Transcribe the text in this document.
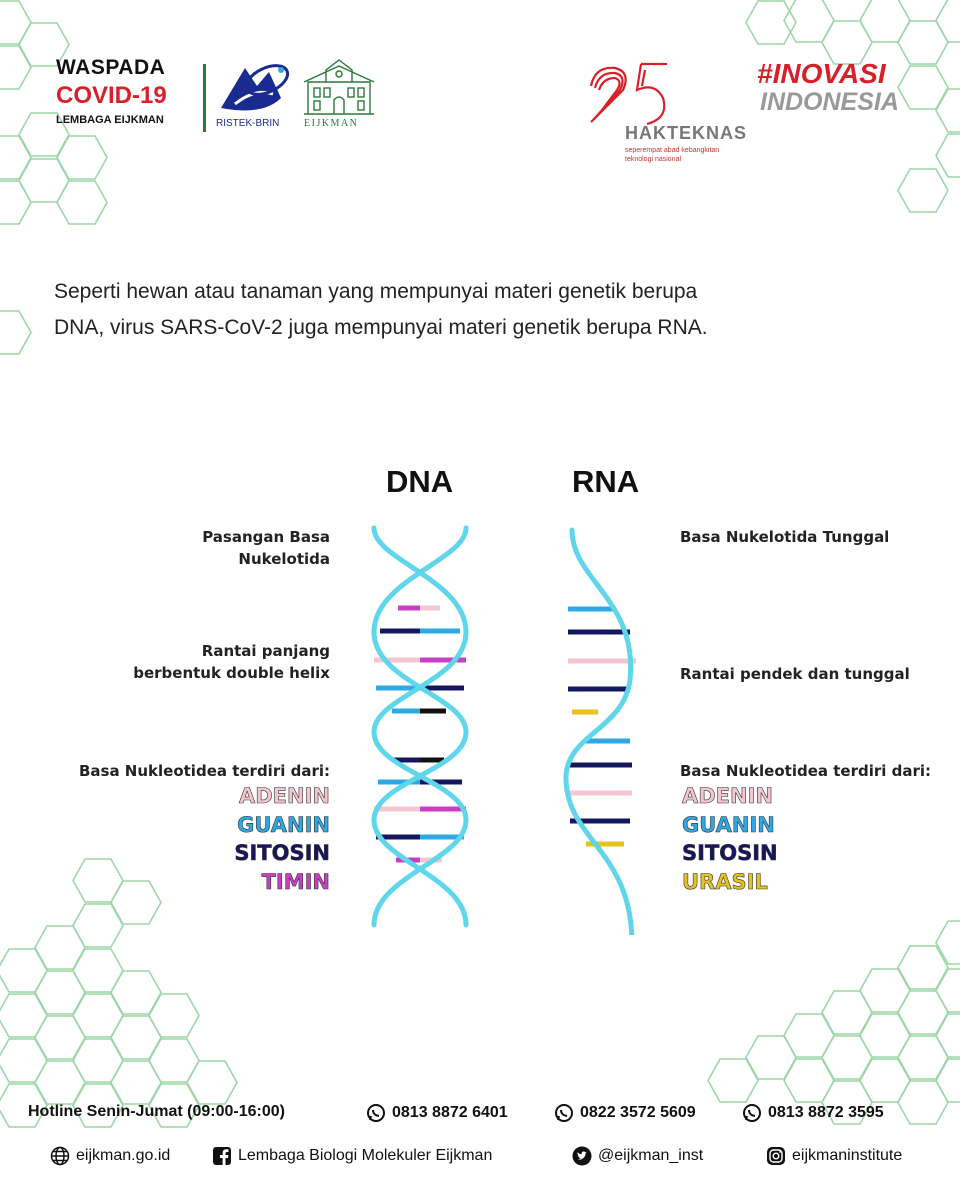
WASPADA
COVID-19
LEMBAGA EIJKMAN	RISTEK-BRIN EIJKMAN	HAKTEKNAS
seperempat abad kebangkitan teknologi nasional
#INOVASI
INDONESIA
Seperti hewan atau tanaman yang mempunyai materi genetik berupa
DNA, virus SARS-CoV-2 juga mempunyai materi genetik berupa RNA.
DNA	RNA
Pasangan Basa
Nukelotida
Rantai panjang
berbentuk double helix
Basa Nukleotidea terdiri dari:
ADENIN
GUANIN
SITOSIN
TIMIN
Basa Nukelotida Tunggal
Rantai pendek dan tunggal
Basa Nukleotidea terdiri dari:
ADENIN
GUANIN
SITOSIN
URASIL
Hotline Senin-Jumat (09:00-16:00)	0813 8872 6401	0822 3572 5609	0813 8872 3595
eijkman.go.id	Lembaga Biologi Molekuler Eijkman	@eijkman_inst	eijkmaninstitute
